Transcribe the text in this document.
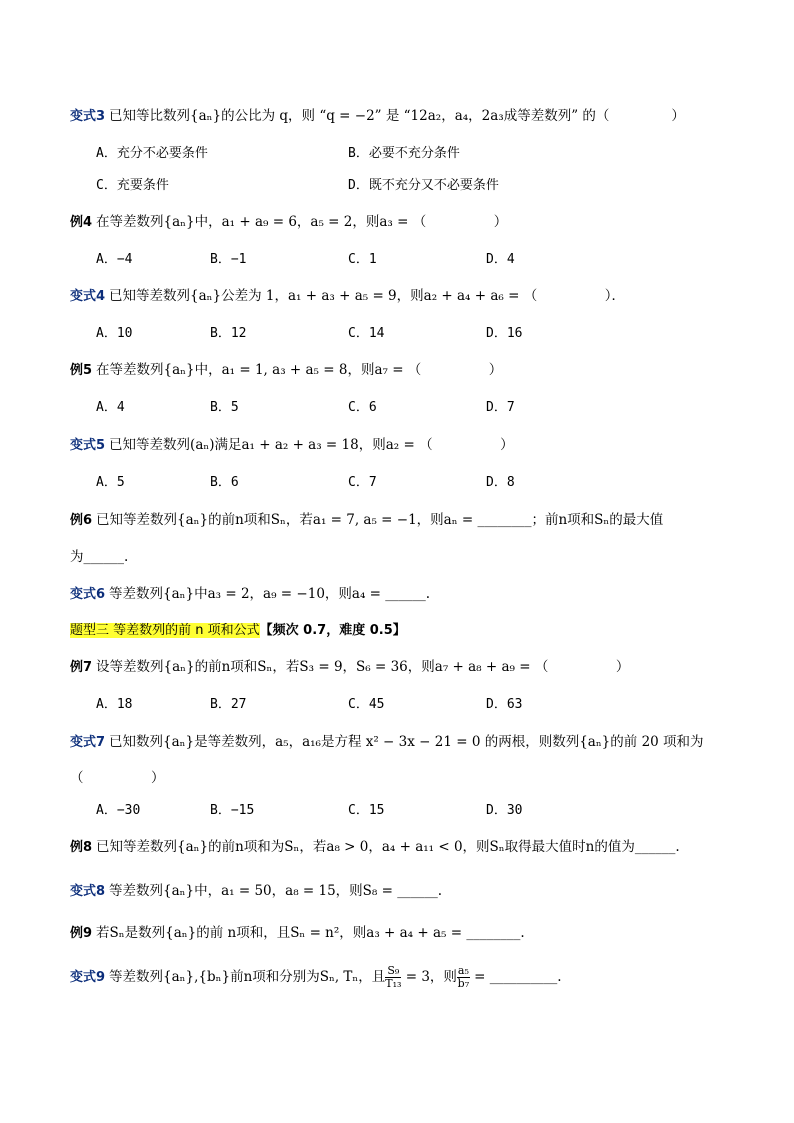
变式3 已知等比数列{aₙ}的公比为 q，则 “q = −2” 是 “12a₂，a₄，2a₃成等差数列” 的（	）
A．充分不必要条件	B．必要不充分条件
C．充要条件	D．既不充分又不必要条件
例4 在等差数列{aₙ}中，a₁ + a₉ = 6，a₅ = 2，则a₃ = （　　　　　）
A．−4	B．−1	C．1	D．4
变式4 已知等差数列{aₙ}公差为 1，a₁ + a₃ + a₅ = 9，则a₂ + a₄ + a₆ = （　　　　　）．
A．10	B．12	C．14	D．16
例5 在等差数列{aₙ}中，a₁ = 1, a₃ + a₅ = 8，则a₇ = （　　　　　）
A．4	B．5	C．6	D．7
变式5 已知等差数列(aₙ)满足a₁ + a₂ + a₃ = 18，则a₂ = （　　　　　）
A．5	B．6	C．7	D．8
例6 已知等差数列{aₙ}的前n项和Sₙ，若a₁ = 7, a₅ = −1，则aₙ = ________；前n项和Sₙ的最大值
为______.
变式6 等差数列{aₙ}中a₃ = 2，a₉ = −10，则a₄ = ______.
题型三 等差数列的前 n 项和公式【频次 0.7，难度 0.5】
例7 设等差数列{aₙ}的前n项和Sₙ，若S₃ = 9，S₆ = 36，则a₇ + a₈ + a₉ = （　　　　　）
A．18	B．27	C．45	D．63
变式7 已知数列{aₙ}是等差数列，a₅，a₁₆是方程 x² − 3x − 21 = 0 的两根，则数列{aₙ}的前 20 项和为
（　　　　　）
A．−30	B．−15	C．15	D．30
例8 已知等差数列{aₙ}的前n项和为Sₙ，若a₈ > 0，a₄ + a₁₁ < 0，则Sₙ取得最大值时n的值为______.
变式8 等差数列{aₙ}中，a₁ = 50，a₈ = 15，则S₈ = ______.
例9 若Sₙ是数列{aₙ}的前 n项和，且Sₙ = n²，则a₃ + a₄ + a₅ = ________.
变式9 等差数列{aₙ},{bₙ}前n项和分别为Sₙ, Tₙ，且 $\frac{\text{S₉}}{\text{T₁₃}} = 3$，则 $\frac{\text{a₅}}{\text{b₇}}$ = __________.
